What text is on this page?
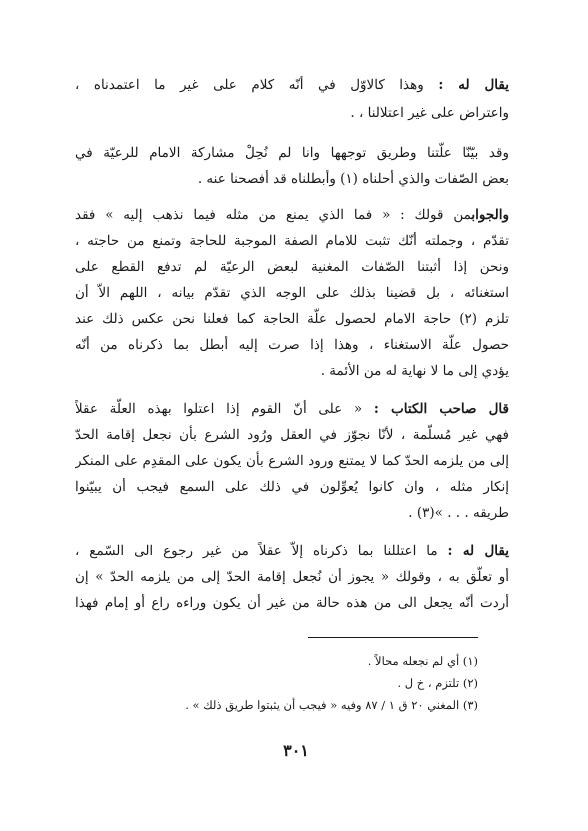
يقال له : وهذا كالاوّل في أنّه كلام على غير ما اعتمدناه ،
واعتراض على غير اعتلالنا ، .
وقد بيّنّا علّتنا وطريق توجهها وانا لم نُحِلْ مشاركة الامام للرعيّة في
بعض الصّفات والذي أحلناه (١) وأبطلناه قد أفصحنا عنه .
والجوابمن قولك : « فما الذي يمنع من مثله فيما نذهب إليه » فقد
تقدّم ، وجملته أنّك تثبت للامام الصفة الموجبة للحاجة وتمنع من حاجته ،
ونحن إذا أثبتنا الصّفات المغنية لبعض الرعيّة لم تدفع القطع على
استغنائه ، بل قضينا بذلك على الوجه الذي تقدّم بيانه ، اللهم الاّ أن
تلزم (٢) حاجة الامام لحصول علّة الحاجة كما فعلنا نحن عكس ذلك عند
حصول علّة الاستغناء ، وهذا إذا صرت إليه أبطل بما ذكرناه من أنّه
يؤدي إلى ما لا نهاية له من الأئمة .
قال صاحب الكتاب : « على أنّ القوم إذا اعتلوا بهذه العلّة عقلاً
فهي غير مُسلّمة ، لأنّا نجوّز في العقل ورُود الشرع بأن نجعل إقامة الحدّ
إلى من يلزمه الحدّ كما لا يمتنع ورود الشرع بأن يكون على المقدِم على المنكر
إنكار مثله ، وان كانوا يُعوِّلون في ذلك على السمع فيجب أن يبيّنوا
طريقه . . . »(٣) .
يقال له : ما اعتللنا بما ذكرناه إلاّ عقلاً من غير رجوع الى السّمع ،
أو تعلّق به ، وقولك « يجوز أن نُجعل إقامة الحدّ إلى من يلزمه الحدّ » إن
أردت أنّه يجعل الى من هذه حالة من غير أن يكون وراءه راع أو إمام فهذا
(١) أي لم نجعله محالاً .
(٢) تلتزم ، خ ل .
(٣) المغني ٢٠ ق ١ / ٨٧ وفيه « فيجب أن يثبتوا طريق ذلك » .
٣٠١
